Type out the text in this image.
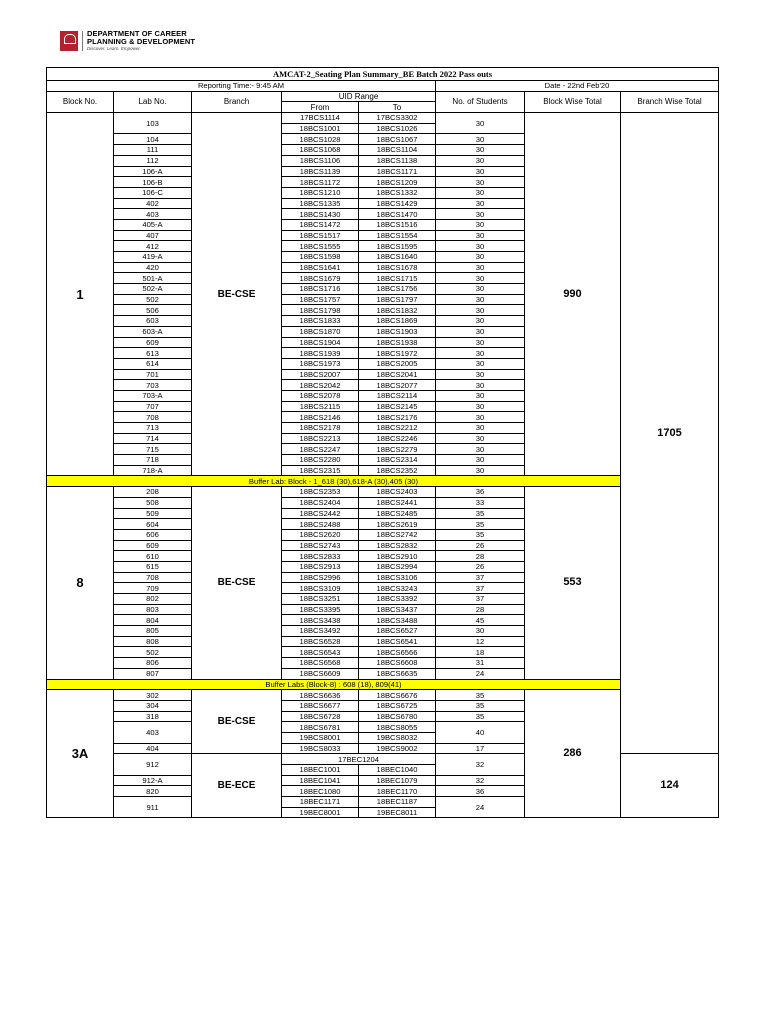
DEPARTMENT OF CAREER
PLANNING & DEVELOPMENT
Discover. Learn. Empower.
AMCAT-2_Seating Plan Summary_BE Batch 2022 Pass outs							
Reporting Time:- 9:45 AM					Date - 22nd Feb'20		
Block No.	Lab No.	Branch	UID Range		No. of Students	Block Wise Total	Branch Wise Total
			From	To			
1	103	BE-CSE	17BCS1114	17BCS3302	30	990	1705
			18BCS1001	18BCS1026			
	104		18BCS1028	18BCS1067	30		
	111		18BCS1068	18BCS1104	30		
	112		18BCS1106	18BCS1138	30		
	106-A		18BCS1139	18BCS1171	30		
	106-B		18BCS1172	18BCS1209	30		
	106-C		18BCS1210	18BCS1332	30		
	402		18BCS1335	18BCS1429	30		
	403		18BCS1430	18BCS1470	30		
	405-A		18BCS1472	18BCS1516	30		
	407		18BCS1517	18BCS1554	30		
	412		18BCS1555	18BCS1595	30		
	419-A		18BCS1598	18BCS1640	30		
	420		18BCS1641	18BCS1678	30		
	501-A		18BCS1679	18BCS1715	30		
	502-A		18BCS1716	18BCS1756	30		
	502		18BCS1757	18BCS1797	30		
	506		18BCS1798	18BCS1832	30		
	603		18BCS1833	18BCS1869	30		
	603-A		18BCS1870	18BCS1903	30		
	609		18BCS1904	18BCS1938	30		
	613		18BCS1939	18BCS1972	30		
	614		18BCS1973	18BCS2005	30		
	701		18BCS2007	18BCS2041	30		
	703		18BCS2042	18BCS2077	30		
	703-A		18BCS2078	18BCS2114	30		
	707		18BCS2115	18BCS2145	30		
	708		18BCS2146	18BCS2176	30		
	713		18BCS2178	18BCS2212	30		
	714		18BCS2213	18BCS2246	30		
	715		18BCS2247	18BCS2279	30		
	718		18BCS2280	18BCS2314	30		
	718-A		18BCS2315	18BCS2352	30		
Buffer Lab: Block - 1_618 (30),618-A (30),405 (30)							
8	208	BE-CSE	18BCS2353	18BCS2403	36	553	
	508		18BCS2404	18BCS2441	33		
	509		18BCS2442	18BCS2485	35		
	604		18BCS2488	18BCS2619	35		
	606		18BCS2620	18BCS2742	35		
	609		18BCS2743	18BCS2832	26		
	610		18BCS2833	18BCS2910	28		
	615		18BCS2913	18BCS2994	26		
	708		18BCS2996	18BCS3106	37		
	709		18BCS3109	18BCS3243	37		
	802		18BCS3251	18BCS3392	37		
	803		18BCS3395	18BCS3437	28		
	804		18BCS3438	18BCS3488	45		
	805		18BCS3492	18BCS6527	30		
	808		18BCS6528	18BCS6541	12		
	502		18BCS6543	18BCS6566	18		
	806		18BCS6568	18BCS6608	31		
	807		18BCS6609	18BCS6635	24		
Buffer Labs (Block-8) : 608 (18), 809(41)							
3A	302	BE-CSE	18BCS6636	18BCS6676	35	286	
	304		18BCS6677	18BCS6725	35		
	318		18BCS6728	18BCS6780	35		
	403		18BCS6781	18BCS8055	40		
			19BCS8001	19BCS8032			
	404		19BCS8033	19BCS9002	17		
	912	BE-ECE	17BEC1204		32		124
			18BEC1001	18BEC1040			
	912-A		18BEC1041	18BEC1079	32		
	820		18BEC1080	18BEC1170	36		
	911		18BEC1171	18BEC1187	24		
			19BEC8001	19BEC8011			
